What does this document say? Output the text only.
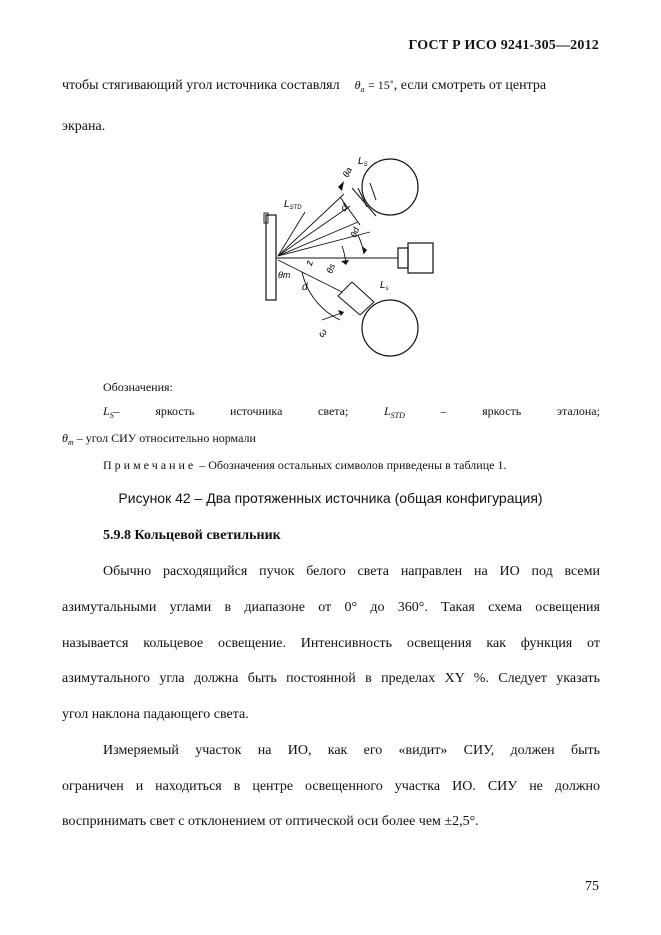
ГОСТ Р ИСО 9241-305—2012
чтобы стягивающий угол источника составлял $\theta_a$ = 15˚, если смотреть от центра
экрана.
$L_S$
$L_{STD}$
θa
d
θd
z θs
θm
d	$L_s$
ω
Обозначения:
$L_S-$	яркость	источника	света;	$L_{STD}$	–	яркость	эталона;
$\theta_m$ – угол СИУ относительно нормали
Примечание – Обозначения остальных символов приведены в таблице 1.
Рисунок 42 – Два протяженных источника (общая конфигурация)
5.9.8 Кольцевой светильник
Обычно расходящийся пучок белого света направлен на ИО под всеми
азимутальными углами в диапазоне от 0° до 360°. Такая схема освещения
называется кольцевое освещение. Интенсивность освещения как функция от
азимутального угла должна быть постоянной в пределах XY %. Следует указать
угол наклона падающего света.
Измеряемый участок на ИО, как его «видит» СИУ, должен быть
ограничен и находиться в центре освещенного участка ИО. СИУ не должно
воспринимать свет с отклонением от оптической оси более чем ±2,5°.
75
